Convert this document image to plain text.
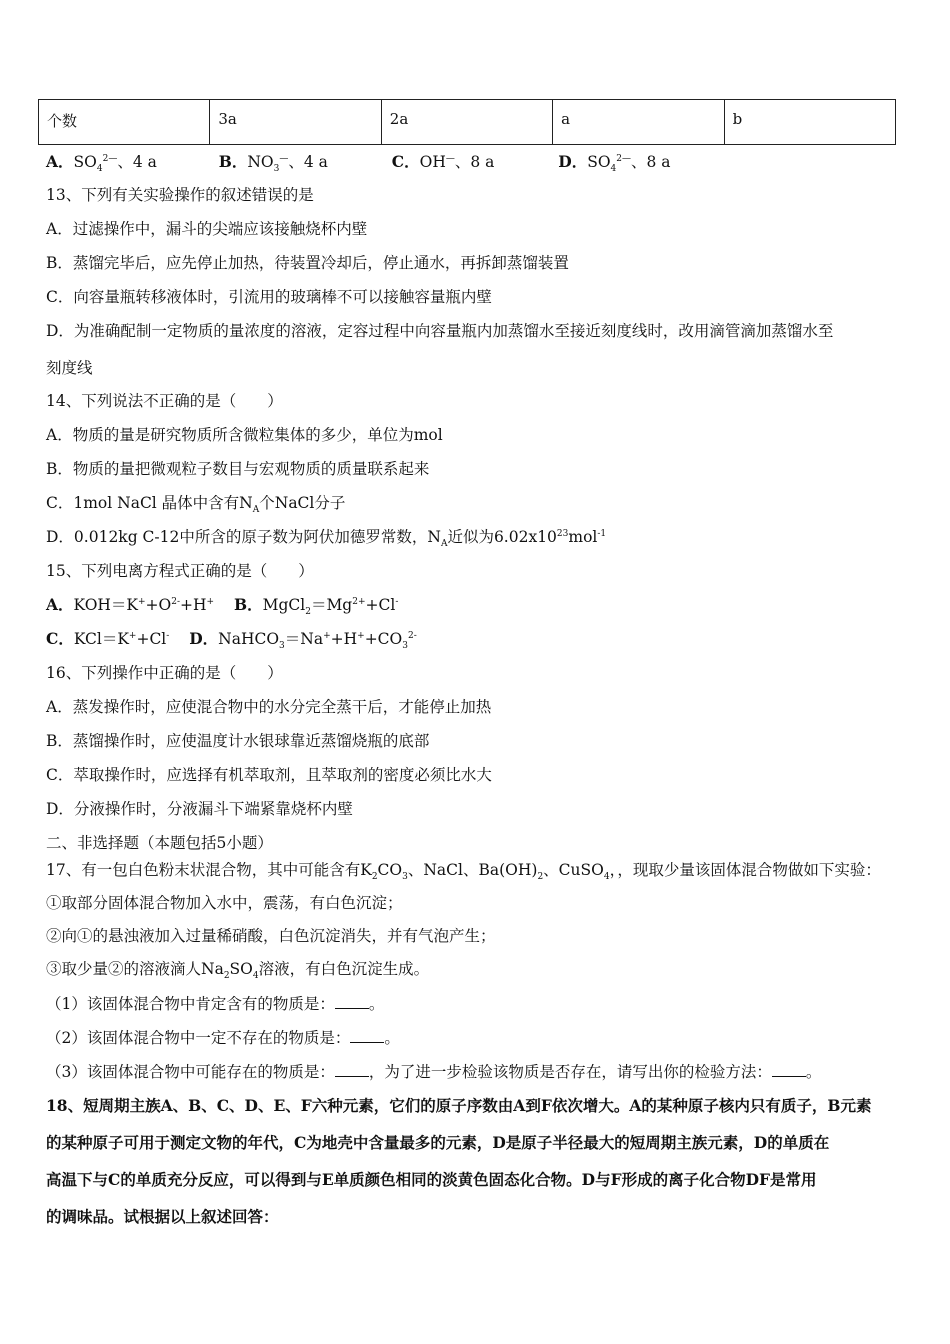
个数	3a	2a	a	b
A．$SO_4^{2—}$、4 a	B．$NO_3^—$、4 a	C．OH—、8 a	D．$SO_4^{2—}$、8 a
13、下列有关实验操作的叙述错误的是
A．过滤操作中，漏斗的尖端应该接触烧杯内壁
B．蒸馏完毕后，应先停止加热，待装置冷却后，停止通水，再拆卸蒸馏装置
C．向容量瓶转移液体时，引流用的玻璃棒不可以接触容量瓶内壁
D．为准确配制一定物质的量浓度的溶液，定容过程中向容量瓶内加蒸馏水至接近刻度线时，改用滴管滴加蒸馏水至
刻度线
14、下列说法不正确的是（　　）
A．物质的量是研究物质所含微粒集体的多少，单位为mol
B．物质的量把微观粒子数目与宏观物质的质量联系起来
C．1mol NaCl 晶体中含有$N_A$个NaCl分子
D．0.012kg C-12中所含的原子数为阿伏加德罗常数，$N_A$近似为$6.02x10^{23}mol^{-1}$
15、下列电离方程式正确的是（　　）
A．$KOH=K^++O^{2-}+H^+$ B．$MgCl_2=Mg^{2+}+Cl^-$
C．KCl＝K++Cl- D．$NaHCO_3=Na^++H^++CO_3^{2-}$
16、下列操作中正确的是（　　）
A．蒸发操作时，应使混合物中的水分完全蒸干后，才能停止加热
B．蒸馏操作时，应使温度计水银球靠近蒸馏烧瓶的底部
C．萃取操作时，应选择有机萃取剂，且萃取剂的密度必须比水大
D．分液操作时，分液漏斗下端紧靠烧杯内壁
二、非选择题（本题包括5小题）
17、有一包白色粉末状混合物，其中可能含有$K_2CO_3$、NaCl、$Ba(OH)_2$、CuSO$_4$，，现取少量该固体混合物做如下实验：
①取部分固体混合物加入水中，震荡，有白色沉淀；
②向①的悬浊液加入过量稀硝酸，白色沉淀消失，并有气泡产生；
③取少量②的溶液滴人$Na_2SO_4$溶液，有白色沉淀生成。
（1）该固体混合物中肯定含有的物质是： 。
（2）该固体混合物中一定不存在的物质是： 。
（3）该固体混合物中可能存在的物质是： ，为了进一步检验该物质是否存在，请写出你的检验方法： 。
18、短周期主族A、B、C、D、E、F六种元素，它们的原子序数由A到F依次增大。A的某种原子核内只有质子，B元素
的某种原子可用于测定文物的年代，C为地壳中含量最多的元素，D是原子半径最大的短周期主族元素，D的单质在
高温下与C的单质充分反应，可以得到与E单质颜色相同的淡黄色固态化合物。D与F形成的离子化合物DF是常用
的调味品。试根据以上叙述回答：
